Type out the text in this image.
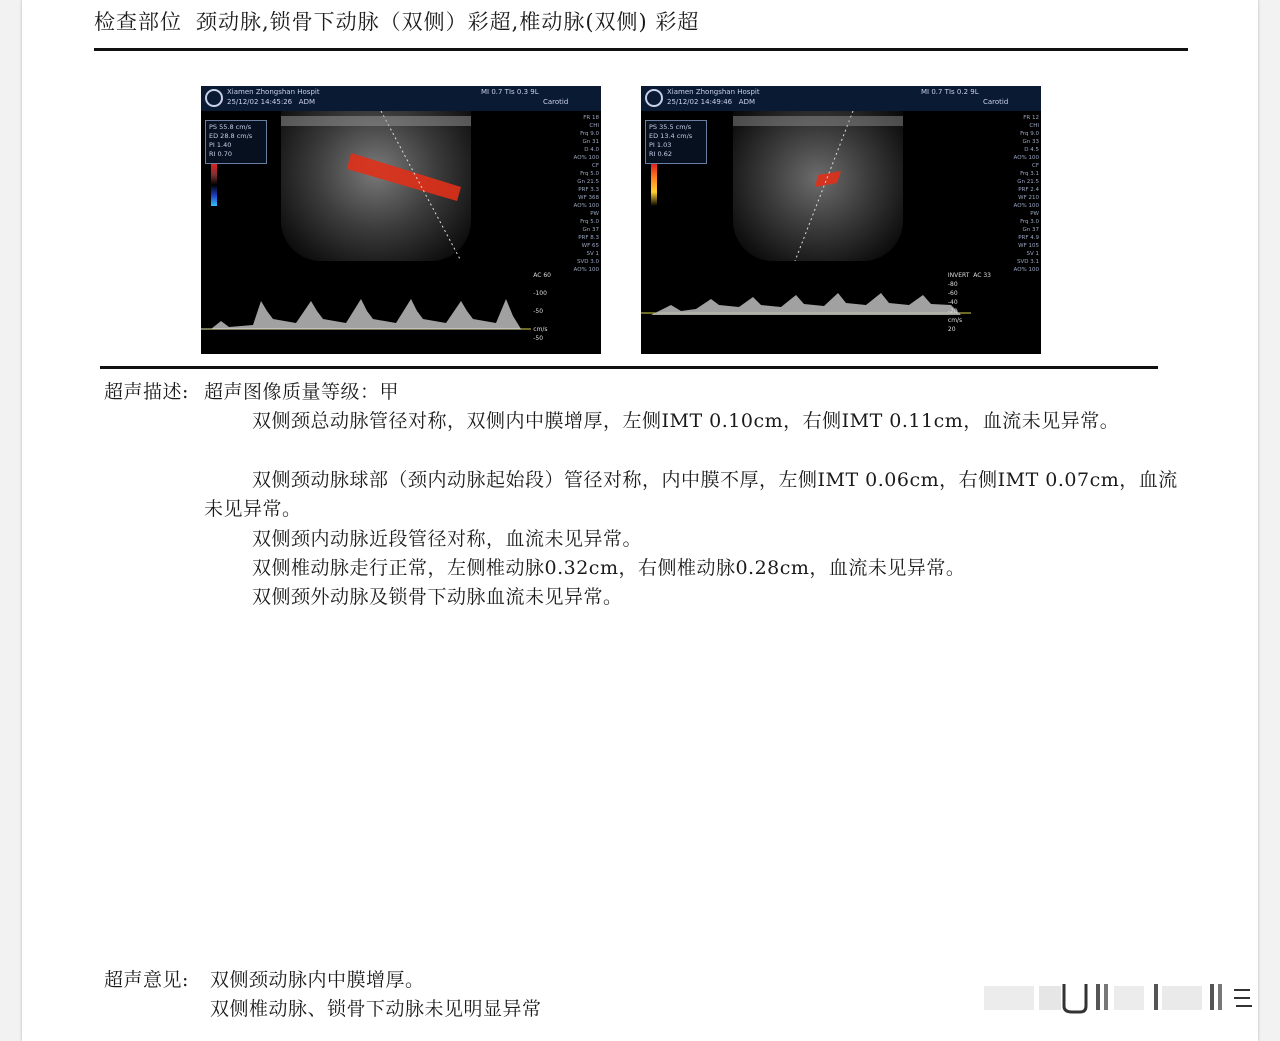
检查部位 颈动脉,锁骨下动脉（双侧）彩超,椎动脉(双侧) 彩超
Xiamen Zhongshan Hospit
25/12/02 14:45:26 ADM
MI 0.7 TIs 0.3 9L
Carotid
PS 55.8 cm/s
ED 28.8 cm/s
PI 1.40
RI 0.70
FR 18
CHI
Frq 9.0
Gn 31
D 4.0
AO% 100
CF
Frq 5.0
Gn 21.5
PRF 3.3
WF 368
AO% 100
PW
Frq 5.0
Gn 37
PRF 8.3
WF 65
SV 1
SVD 3.0
AO% 100
AC 60

-100

-50

cm/s
-50
Xiamen Zhongshan Hospit
25/12/02 14:49:46 ADM
MI 0.7 TIs 0.2 9L
Carotid
PS 35.5 cm/s
ED 13.4 cm/s
PI 1.03
RI 0.62
FR 12
CHI
Frq 9.0
Gn 33
D 4.5
AO% 100
CF
Frq 3.1
Gn 21.5
PRF 2.4
WF 210
AO% 100
PW
Frq 3.0
Gn 37
PRF 4.9
WF 105
SV 1
SVD 3.1
AO% 100
INVERT  AC 33
-80
-60
-40
-20
cm/s
20
超声描述: 超声图像质量等级：甲
双侧颈总动脉管径对称，双侧内中膜增厚，左侧IMT 0.10cm，右侧IMT 0.11cm，血流未见异常。
双侧颈动脉球部（颈内动脉起始段）管径对称，内中膜不厚，左侧IMT 0.06cm，右侧IMT 0.07cm，血流未见异常。
双侧颈内动脉近段管径对称，血流未见异常。
双侧椎动脉走行正常，左侧椎动脉0.32cm，右侧椎动脉0.28cm，血流未见异常。
双侧颈外动脉及锁骨下动脉血流未见异常。
超声意见: 双侧颈动脉内中膜增厚。
双侧椎动脉、锁骨下动脉未见明显异常
